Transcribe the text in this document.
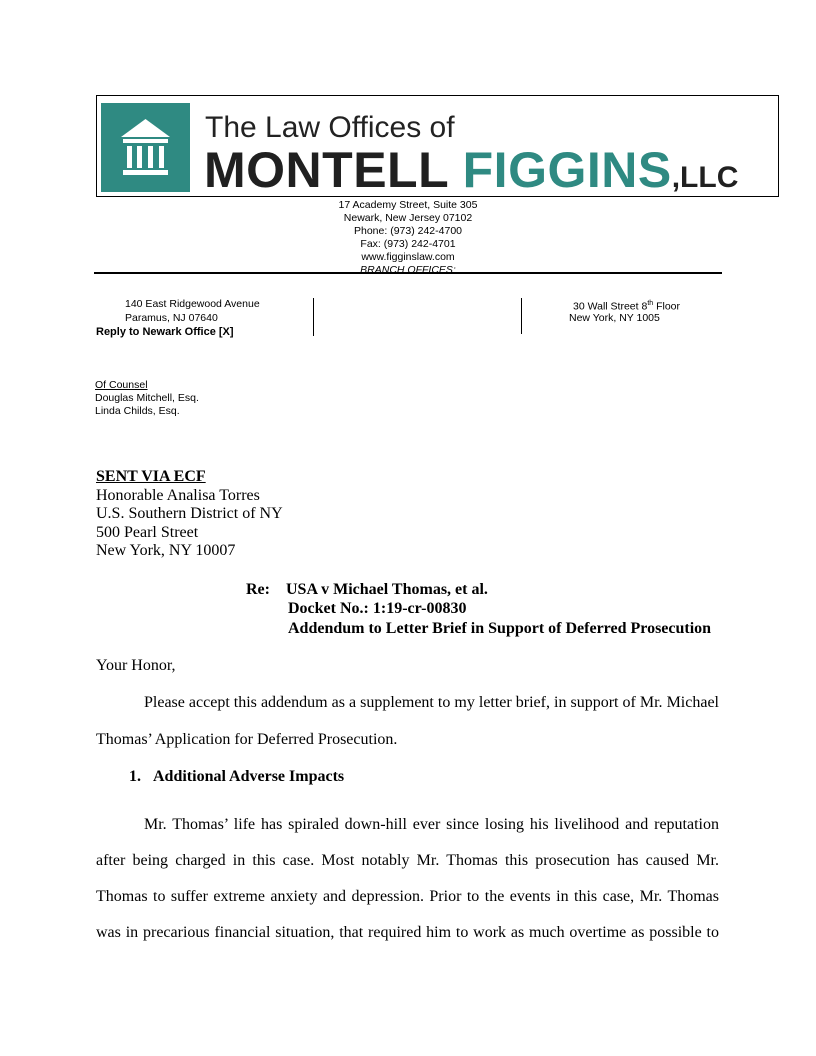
The Law Offices of
MONTELL FIGGINS,LLC
17 Academy Street, Suite 305
Newark, New Jersey 07102
Phone: (973) 242-4700
Fax: (973) 242-4701
www.figginslaw.com
BRANCH OFFICES:
140 East Ridgewood Avenue
Paramus, NJ 07640
30 Wall Street 8th Floor
New York, NY 1005
Reply to Newark Office [X]
Of Counsel
Douglas Mitchell, Esq.
Linda Childs, Esq.
SENT VIA ECF
Honorable Analisa Torres
U.S. Southern District of NY
500 Pearl Street
New York, NY 10007
Re: USA v Michael Thomas, et al.
Docket No.: 1:19-cr-00830
Addendum to Letter Brief in Support of Deferred Prosecution
Your Honor,
Please accept this addendum as a supplement to my letter brief, in support of Mr. Michael
Thomas’ Application for Deferred Prosecution.
1. Additional Adverse Impacts
Mr. Thomas’ life has spiraled down-hill ever since losing his livelihood and reputation
after being charged in this case. Most notably Mr. Thomas this prosecution has caused Mr.
Thomas to suffer extreme anxiety and depression. Prior to the events in this case, Mr. Thomas
was in precarious financial situation, that required him to work as much overtime as possible to
